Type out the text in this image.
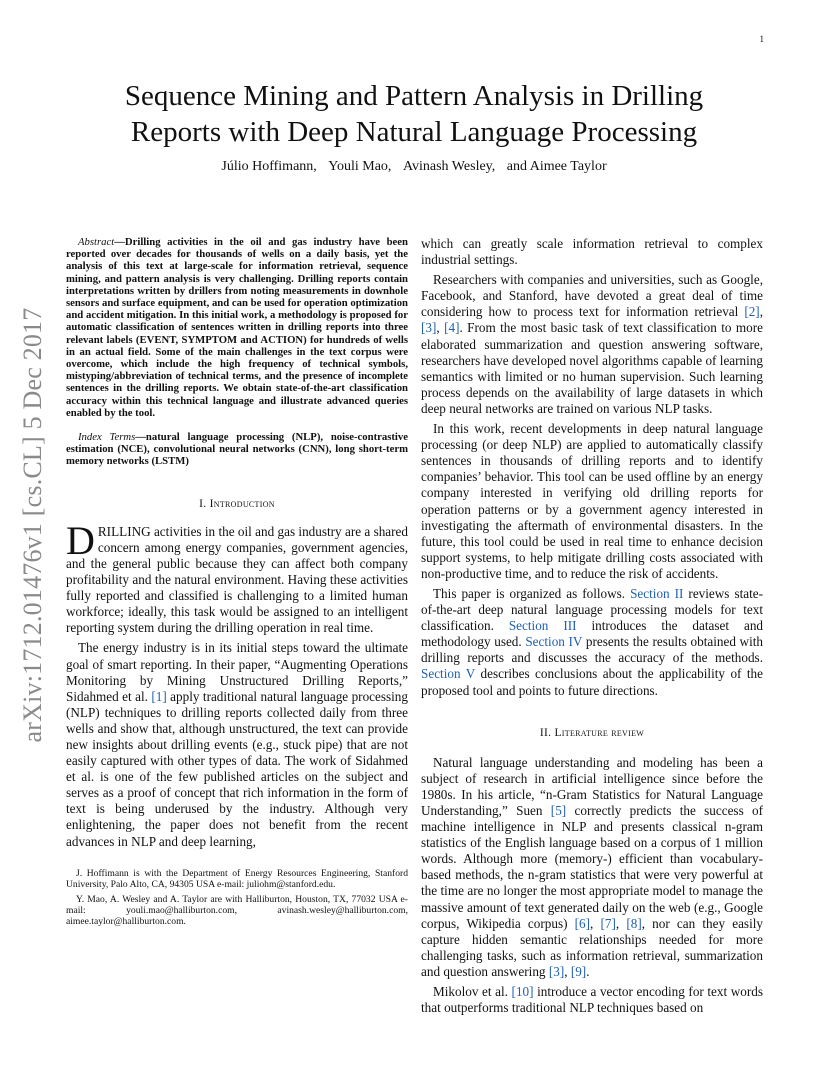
1
arXiv:1712.01476v1 [cs.CL] 5 Dec 2017
Sequence Mining and Pattern Analysis in Drilling
Reports with Deep Natural Language Processing
Júlio Hoffimann, Youli Mao, Avinash Wesley, and Aimee Taylor

Abstract—Drilling activities in the oil and gas industry have been reported over decades for thousands of wells on a daily basis, yet the analysis of this text at large-scale for information retrieval, sequence mining, and pattern analysis is very challenging. Drilling reports contain interpretations written by drillers from noting measurements in downhole sensors and surface equipment, and can be used for operation optimization and accident mitigation. In this initial work, a methodology is proposed for automatic classification of sentences written in drilling reports into three relevant labels (EVENT, SYMPTOM and ACTION) for hundreds of wells in an actual field. Some of the main challenges in the text corpus were overcome, which include the high frequency of technical symbols, mistyping/abbreviation of technical terms, and the presence of incomplete sentences in the drilling reports. We obtain state-of-the-art classification accuracy within this technical language and illustrate advanced queries enabled by the tool.

Index Terms—natural language processing (NLP), noise-contrastive estimation (NCE), convolutional neural networks (CNN), long short-term memory networks (LSTM)

I. Introduction

DRILLING activities in the oil and gas industry are a shared concern among energy companies, government agencies, and the general public because they can affect both company profitability and the natural environment. Having these activities fully reported and classified is challenging to a limited human workforce; ideally, this task would be assigned to an intelligent reporting system during the drilling operation in real time.

The energy industry is in its initial steps toward the ultimate goal of smart reporting. In their paper, “Augmenting Operations Monitoring by Mining Unstructured Drilling Reports,” Sidahmed et al. [1] apply traditional natural language processing (NLP) techniques to drilling reports collected daily from three wells and show that, although unstructured, the text can provide new insights about drilling events (e.g., stuck pipe) that are not easily captured with other types of data. The work of Sidahmed et al. is one of the few published articles on the subject and serves as a proof of concept that rich information in the form of text is being underused by the industry. Although very enlightening, the paper does not benefit from the recent advances in NLP and deep learning,

J. Hoffimann is with the Department of Energy Resources Engineering, Stanford University, Palo Alto, CA, 94305 USA e-mail: juliohm@stanford.edu.

Y. Mao, A. Wesley and A. Taylor are with Halliburton, Houston, TX, 77032 USA e-mail: youli.mao@halliburton.com, avinash.wesley@halliburton.com, aimee.taylor@halliburton.com.

which can greatly scale information retrieval to complex industrial settings.

Researchers with companies and universities, such as Google, Facebook, and Stanford, have devoted a great deal of time considering how to process text for information retrieval [2], [3], [4]. From the most basic task of text classification to more elaborated summarization and question answering software, researchers have developed novel algorithms capable of learning semantics with limited or no human supervision. Such learning process depends on the availability of large datasets in which deep neural networks are trained on various NLP tasks.

In this work, recent developments in deep natural language processing (or deep NLP) are applied to automatically classify sentences in thousands of drilling reports and to identify companies’ behavior. This tool can be used offline by an energy company interested in verifying old drilling reports for operation patterns or by a government agency interested in investigating the aftermath of environmental disasters. In the future, this tool could be used in real time to enhance decision support systems, to help mitigate drilling costs associated with non-productive time, and to reduce the risk of accidents.

This paper is organized as follows. Section II reviews state-of-the-art deep natural language processing models for text classification. Section III introduces the dataset and methodology used. Section IV presents the results obtained with drilling reports and discusses the accuracy of the methods. Section V describes conclusions about the applicability of the proposed tool and points to future directions.

II. Literature review

Natural language understanding and modeling has been a subject of research in artificial intelligence since before the 1980s. In his article, “n-Gram Statistics for Natural Language Understanding,” Suen [5] correctly predicts the success of machine intelligence in NLP and presents classical n-gram statistics of the English language based on a corpus of 1 million words. Although more (memory-) efficient than vocabulary-based methods, the n-gram statistics that were very powerful at the time are no longer the most appropriate model to manage the massive amount of text generated daily on the web (e.g., Google corpus, Wikipedia corpus) [6], [7], [8], nor can they easily capture hidden semantic relationships needed for more challenging tasks, such as information retrieval, summarization and question answering [3], [9].

Mikolov et al. [10] introduce a vector encoding for text words that outperforms traditional NLP techniques based on
